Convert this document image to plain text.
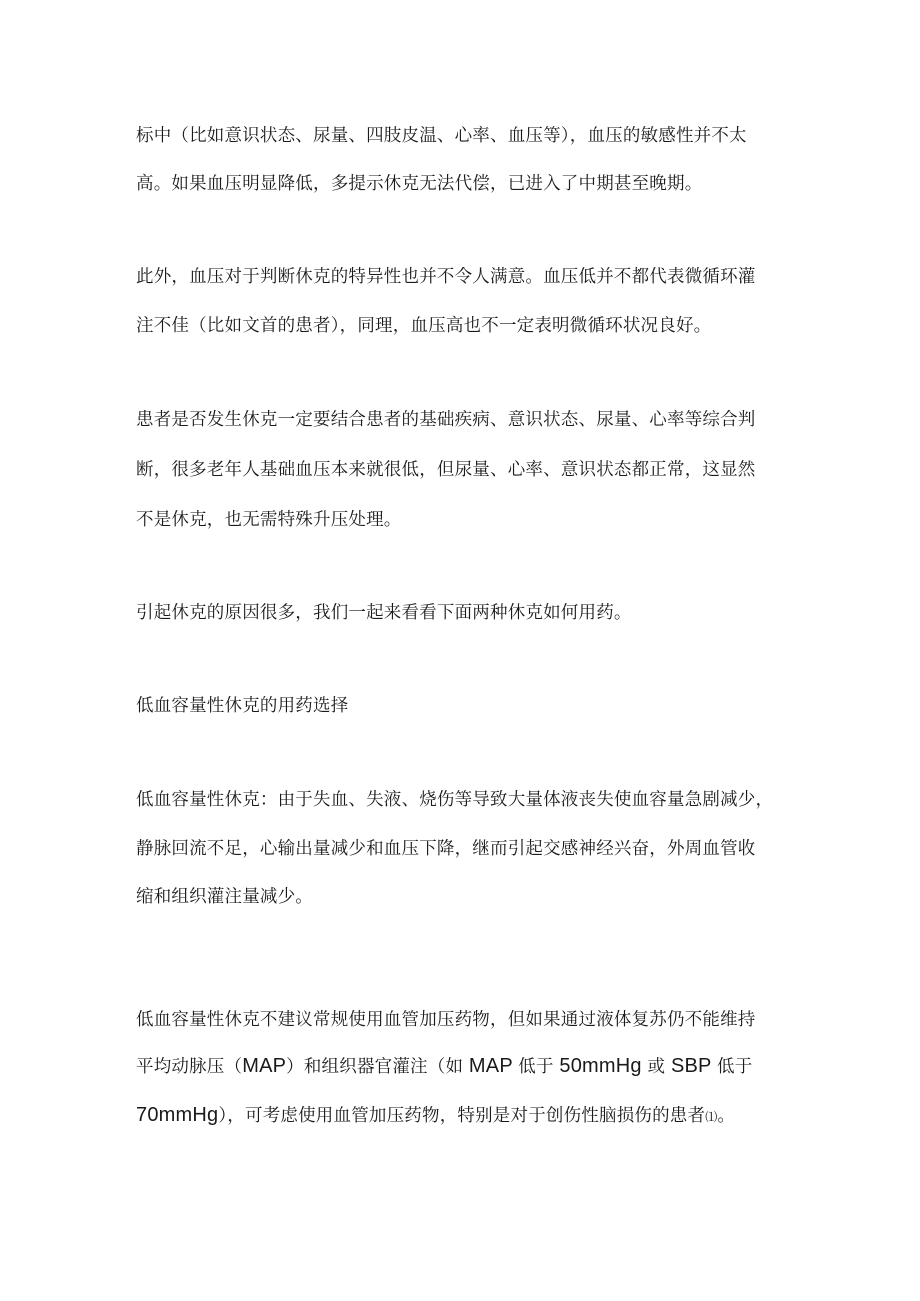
标中（比如意识状态、尿量、四肢皮温、心率、血压等），血压的敏感性并不太
高。如果血压明显降低，多提示休克无法代偿，已进入了中期甚至晚期。
此外，血压对于判断休克的特异性也并不令人满意。血压低并不都代表微循环灌
注不佳（比如文首的患者），同理，血压高也不一定表明微循环状况良好。
患者是否发生休克一定要结合患者的基础疾病、意识状态、尿量、心率等综合判
断，很多老年人基础血压本来就很低，但尿量、心率、意识状态都正常，这显然
不是休克，也无需特殊升压处理。
引起休克的原因很多，我们一起来看看下面两种休克如何用药。
低血容量性休克的用药选择
低血容量性休克：由于失血、失液、烧伤等导致大量体液丧失使血容量急剧减少，
静脉回流不足，心输出量减少和血压下降，继而引起交感神经兴奋，外周血管收
缩和组织灌注量减少。
低血容量性休克不建议常规使用血管加压药物，但如果通过液体复苏仍不能维持
平均动脉压（MAP）和组织器官灌注（如 MAP 低于 50mmHg 或 SBP 低于
70mmHg），可考虑使用血管加压药物，特别是对于创伤性脑损伤的患者⑴。
